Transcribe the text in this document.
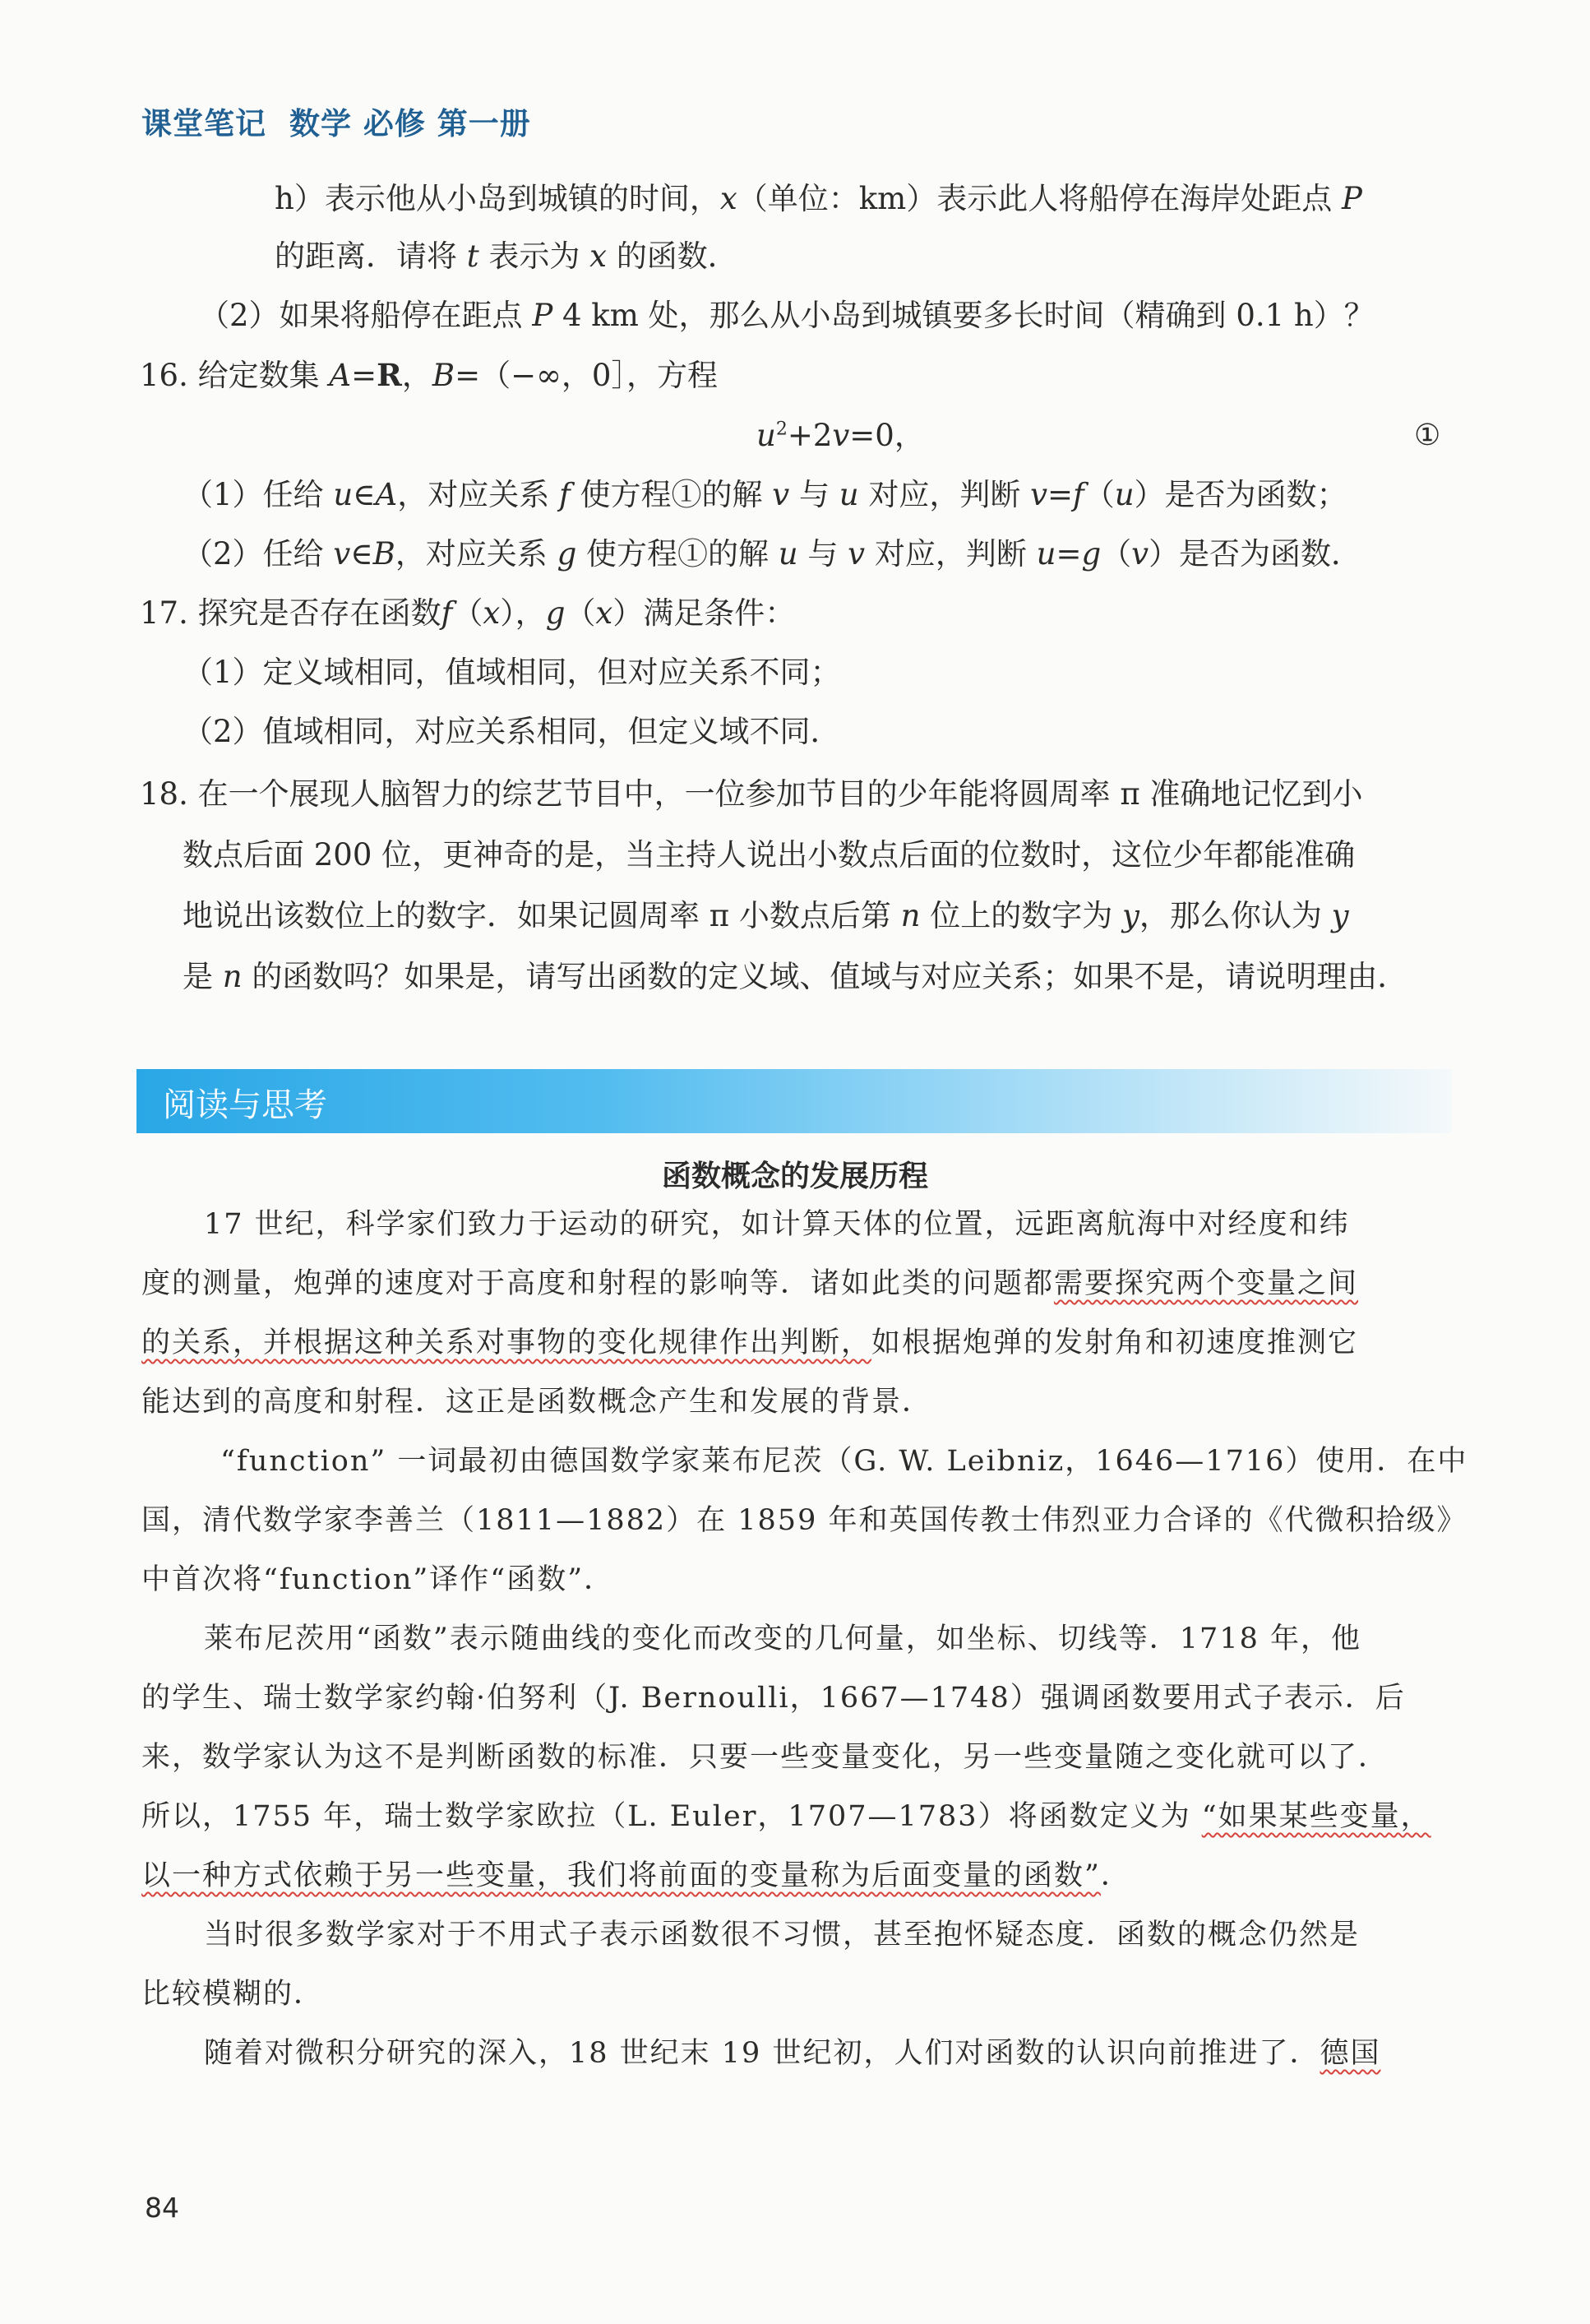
课堂笔记 数学 必修 第一册
h）表示他从小岛到城镇的时间，x（单位：km）表示此人将船停在海岸处距点 P
的距离．请将 t 表示为 x 的函数．
（2）如果将船停在距点 P 4 km 处，那么从小岛到城镇要多长时间（精确到 0.1 h）？
16. 给定数集 A=R，B=（−∞，0］，方程
$u^2+2v=0$，	①
（1）任给 u∈A，对应关系 f 使方程①的解 v 与 u 对应，判断 v=f（u）是否为函数；
（2）任给 v∈B，对应关系 g 使方程①的解 u 与 v 对应，判断 u=g（v）是否为函数．
17. 探究是否存在函数f（x），g（x）满足条件：
（1）定义域相同，值域相同，但对应关系不同；
（2）值域相同，对应关系相同，但定义域不同．
18. 在一个展现人脑智力的综艺节目中，一位参加节目的少年能将圆周率 π 准确地记忆到小
数点后面 200 位，更神奇的是，当主持人说出小数点后面的位数时，这位少年都能准确
地说出该数位上的数字．如果记圆周率 π 小数点后第 n 位上的数字为 y，那么你认为 y
是 n 的函数吗？如果是，请写出函数的定义域、值域与对应关系；如果不是，请说明理由．
阅读与思考
函数概念的发展历程
17 世纪，科学家们致力于运动的研究，如计算天体的位置，远距离航海中对经度和纬
度的测量，炮弹的速度对于高度和射程的影响等．诸如此类的问题都需要探究两个变量之间
的关系，并根据这种关系对事物的变化规律作出判断，如根据炮弹的发射角和初速度推测它
能达到的高度和射程．这正是函数概念产生和发展的背景．
“function” 一词最初由德国数学家莱布尼茨（G. W. Leibniz，1646—1716）使用．在中
国，清代数学家李善兰（1811—1882）在 1859 年和英国传教士伟烈亚力合译的《代微积拾级》
中首次将“function”译作“函数”．
莱布尼茨用“函数”表示随曲线的变化而改变的几何量，如坐标、切线等．1718 年，他
的学生、瑞士数学家约翰·伯努利（J. Bernoulli，1667—1748）强调函数要用式子表示．后
来，数学家认为这不是判断函数的标准．只要一些变量变化，另一些变量随之变化就可以了．
所以，1755 年，瑞士数学家欧拉（L. Euler，1707—1783）将函数定义为 “如果某些变量，
以一种方式依赖于另一些变量，我们将前面的变量称为后面变量的函数”．
当时很多数学家对于不用式子表示函数很不习惯，甚至抱怀疑态度．函数的概念仍然是
比较模糊的．
随着对微积分研究的深入，18 世纪末 19 世纪初，人们对函数的认识向前推进了．德国
84
